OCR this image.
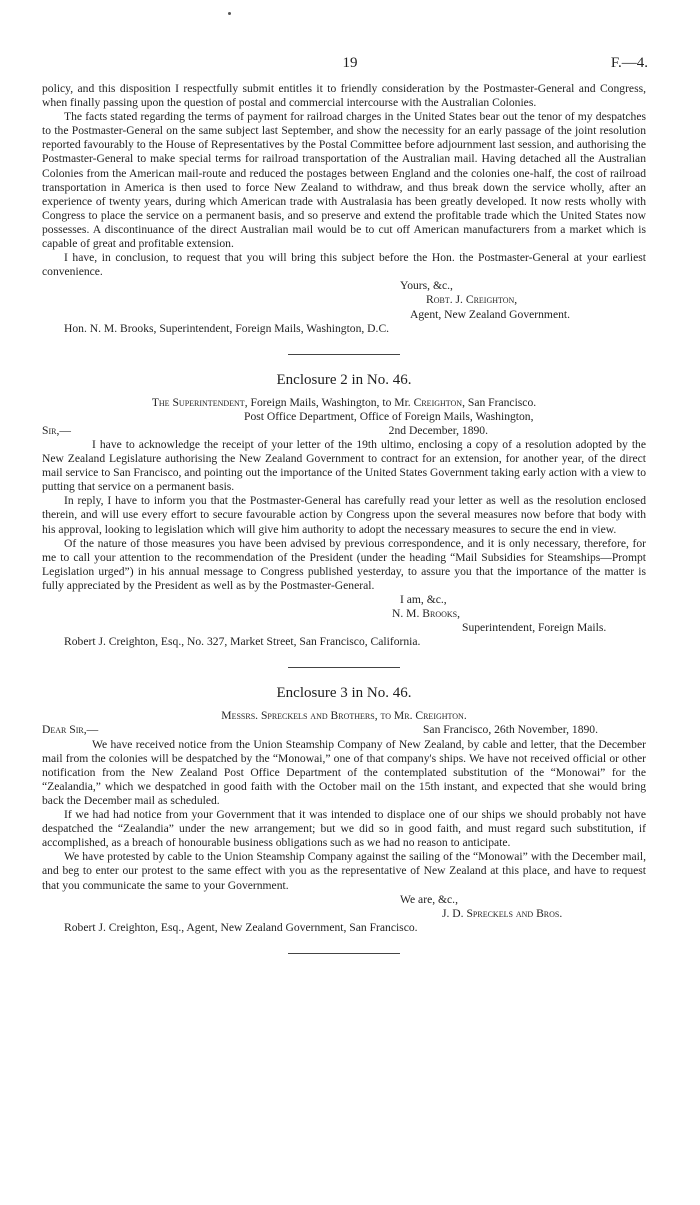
19	F.—4.

policy, and this disposition I respectfully submit entitles it to friendly consideration by the Postmaster-General and Congress, when finally passing upon the question of postal and commercial intercourse with the Australian Colonies.

The facts stated regarding the terms of payment for railroad charges in the United States bear out the tenor of my despatches to the Postmaster-General on the same subject last September, and show the necessity for an early passage of the joint resolution reported favourably to the House of Representatives by the Postal Committee before adjournment last session, and authorising the Postmaster-General to make special terms for railroad transportation of the Australian mail. Having detached all the Australian Colonies from the American mail-route and reduced the postages between England and the colonies one-half, the cost of railroad transportation in America is then used to force New Zealand to withdraw, and thus break down the service wholly, after an experience of twenty years, during which American trade with Australasia has been greatly developed. It now rests wholly with Congress to place the service on a permanent basis, and so preserve and extend the profitable trade which the United States now possesses. A discontinuance of the direct Australian mail would be to cut off American manufacturers from a market which is capable of great and profitable extension.

I have, in conclusion, to request that you will bring this subject before the Hon. the Postmaster-General at your earliest convenience.

Yours, &c.,
Robt. J. Creighton,
Agent, New Zealand Government.
Hon. N. M. Brooks, Superintendent, Foreign Mails, Washington, D.C.
Enclosure 2 in No. 46.
The Superintendent, Foreign Mails, Washington, to Mr. Creighton, San Francisco.
Post Office Department, Office of Foreign Mails, Washington,
Sir,—	2nd December, 1890.

I have to acknowledge the receipt of your letter of the 19th ultimo, enclosing a copy of a resolution adopted by the New Zealand Legislature authorising the New Zealand Government to contract for an extension, for another year, of the direct mail service to San Francisco, and pointing out the importance of the United States Government taking early action with a view to putting that service on a permanent basis.

In reply, I have to inform you that the Postmaster-General has carefully read your letter as well as the resolution enclosed therein, and will use every effort to secure favourable action by Congress upon the several measures now before that body with his approval, looking to legislation which will give him authority to adopt the necessary measures to secure the end in view.

Of the nature of those measures you have been advised by previous correspondence, and it is only necessary, therefore, for me to call your attention to the recommendation of the President (under the heading “Mail Subsidies for Steamships—Prompt Legislation urged”) in his annual message to Congress published yesterday, to assure you that the importance of the matter is fully appreciated by the President as well as by the Postmaster-General.

I am, &c.,
N. M. Brooks,
Superintendent, Foreign Mails.
Robert J. Creighton, Esq., No. 327, Market Street, San Francisco, California.
Enclosure 3 in No. 46.
Messrs. Spreckels and Brothers, to Mr. Creighton.
Dear Sir,—	San Francisco, 26th November, 1890.

We have received notice from the Union Steamship Company of New Zealand, by cable and letter, that the December mail from the colonies will be despatched by the “Monowai,” one of that company's ships. We have not received official or other notification from the New Zealand Post Office Department of the contemplated substitution of the “Monowai” for the “Zealandia,” which we despatched in good faith with the October mail on the 15th instant, and expected that she would bring back the December mail as scheduled.

If we had had notice from your Government that it was intended to displace one of our ships we should probably not have despatched the “Zealandia” under the new arrangement; but we did so in good faith, and must regard such substitution, if accomplished, as a breach of honourable business obligations such as we had no reason to anticipate.

We have protested by cable to the Union Steamship Company against the sailing of the “Monowai” with the December mail, and beg to enter our protest to the same effect with you as the representative of New Zealand at this place, and have to request that you communicate the same to your Government.

We are, &c.,
J. D. Spreckels and Bros.
Robert J. Creighton, Esq., Agent, New Zealand Government, San Francisco.
